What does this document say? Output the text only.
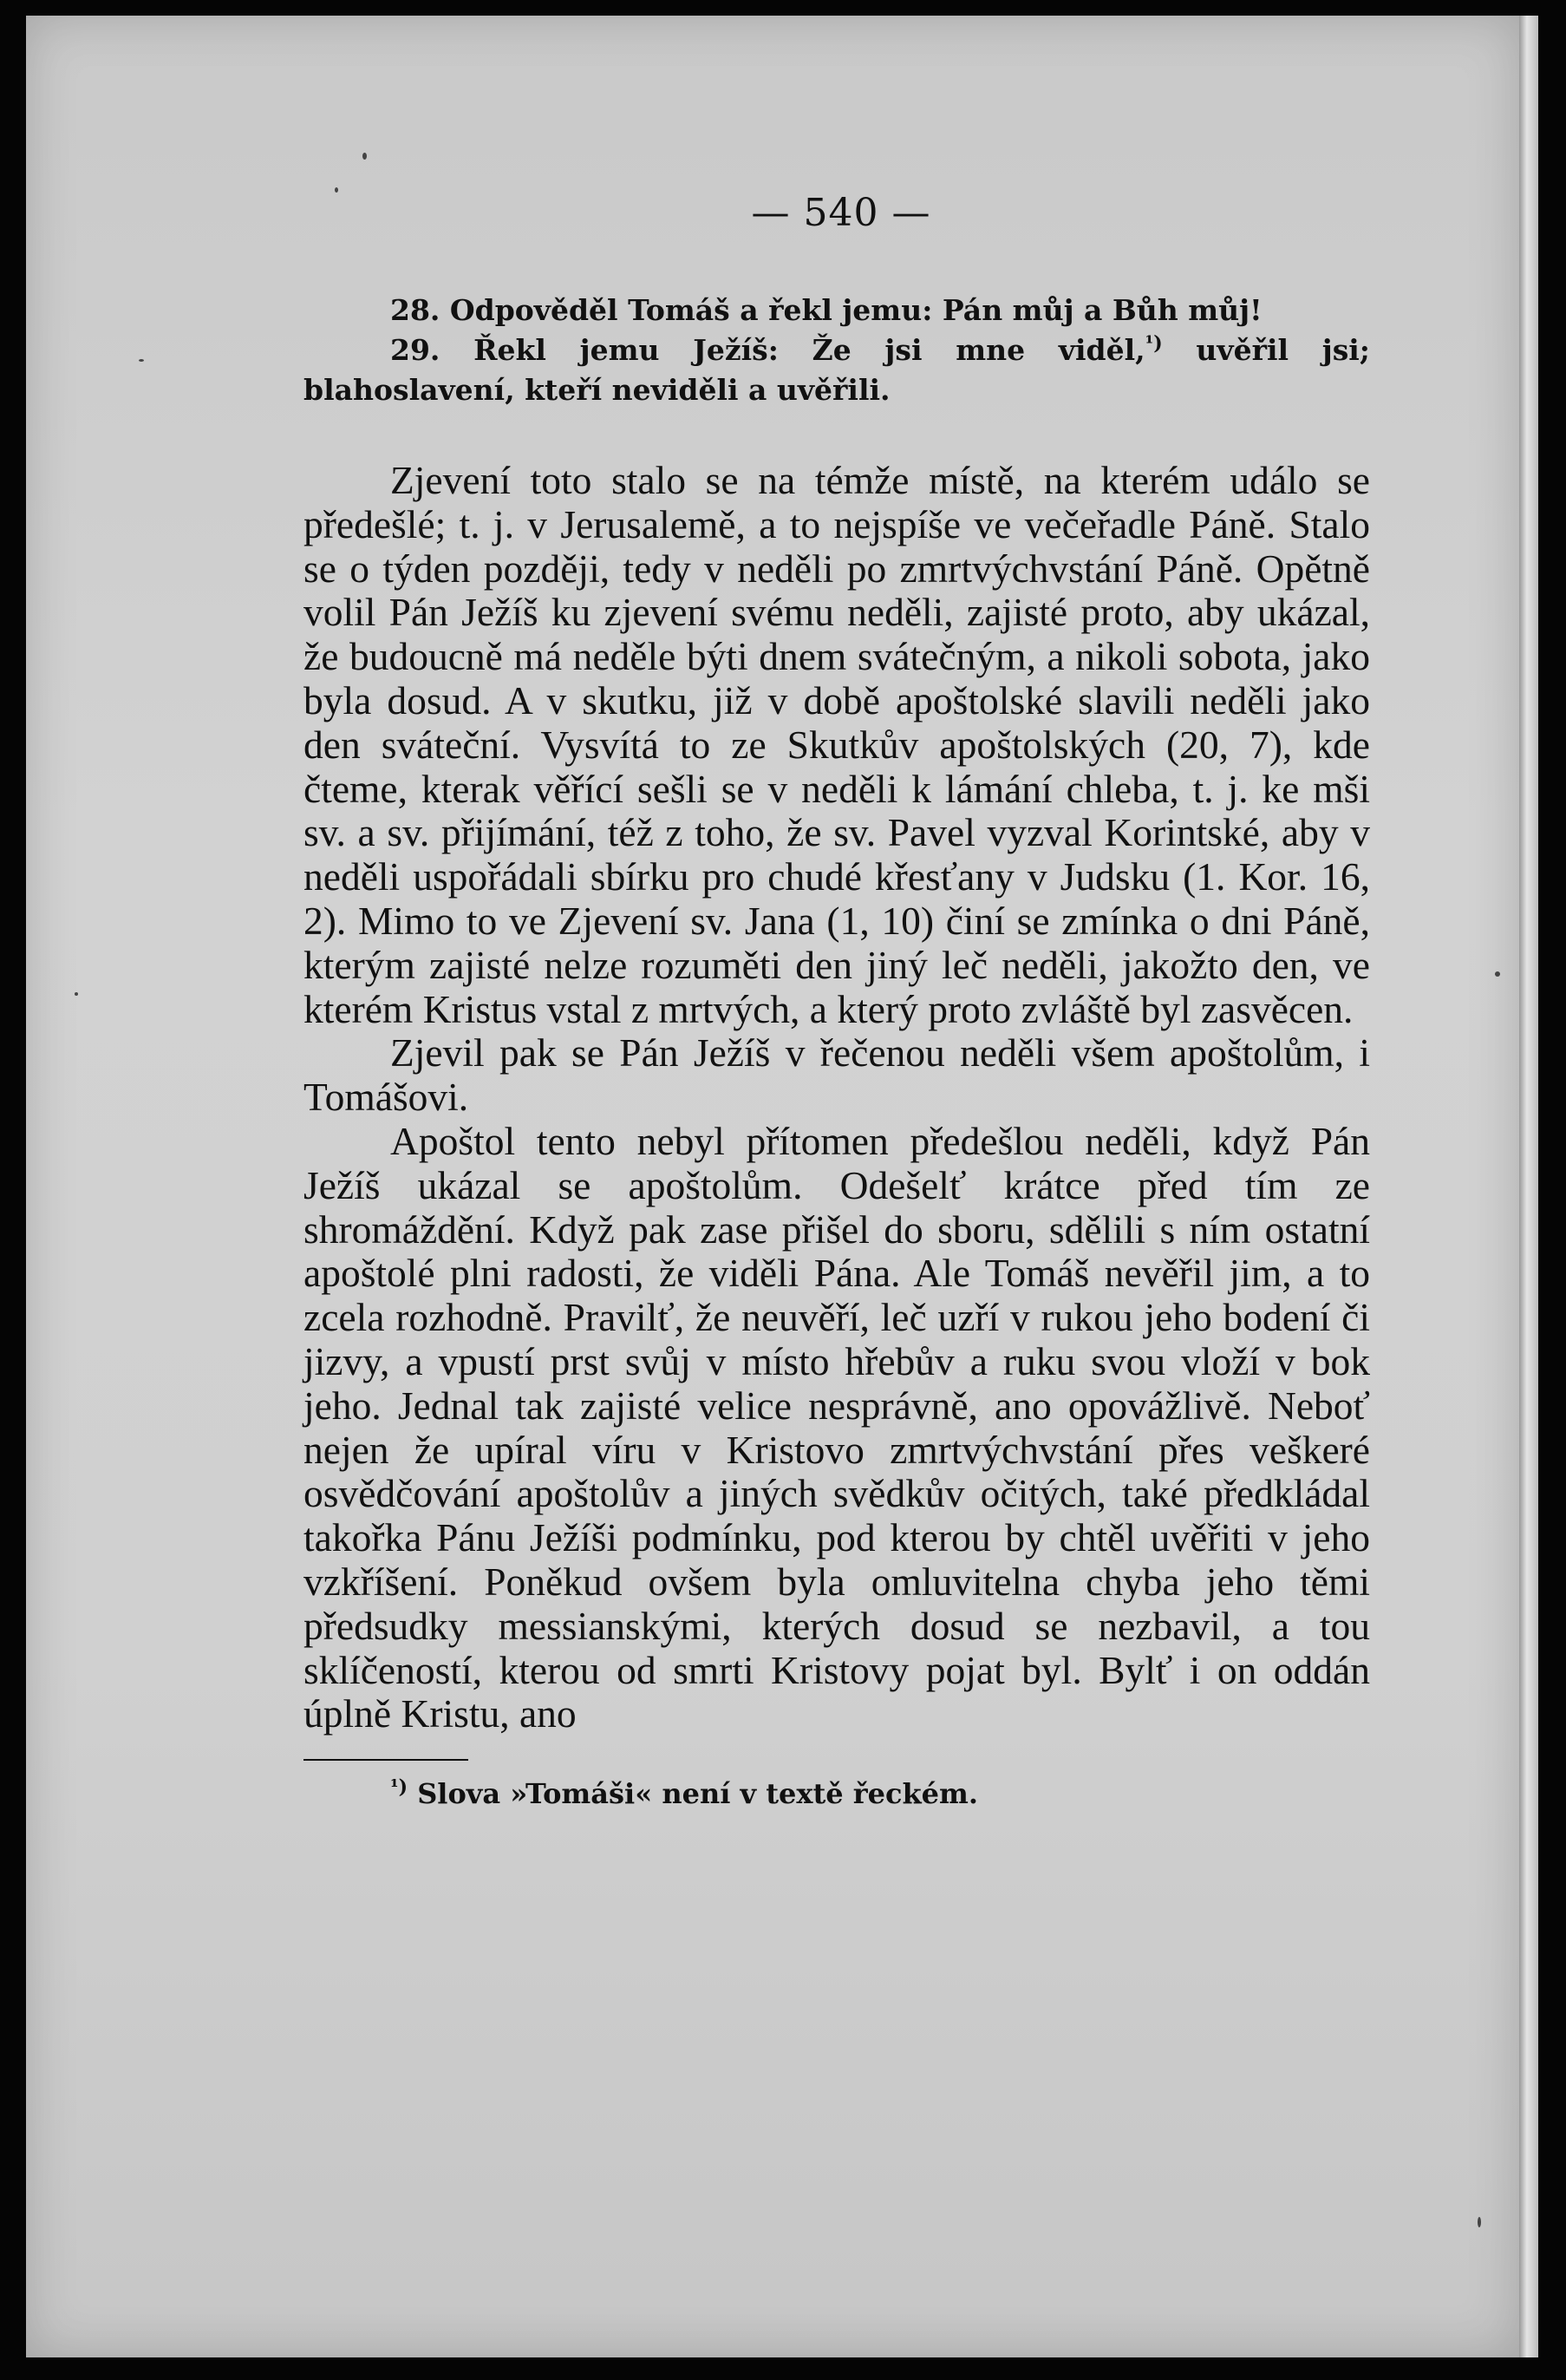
— 540 —

28. Odpověděl Tomáš a řekl jemu: Pán můj a Bůh můj!

29. Řekl jemu Ježíš: Že jsi mne viděl,$^{^1)}$ uvěřil jsi; blahoslavení, kteří neviděli a uvěřili.

Zjevení toto stalo se na témže místě, na kterém událo se předešlé; t. j. v Jerusalemě, a to nejspíše ve večeřadle Páně. Stalo se o týden později, tedy v neděli po zmrtvýchvstání Páně. Opětně volil Pán Ježíš ku zjevení svému neděli, zajisté proto, aby ukázal, že budoucně má neděle býti dnem svátečným, a nikoli sobota, jako byla dosud. A v skutku, již v době apoštolské slavili neděli jako den sváteční. Vysvítá to ze Skutkův apoštolských (20, 7), kde čteme, kterak věřící sešli se v neděli k lámání chleba, t. j. ke mši sv. a sv. přijímání, též z toho, že sv. Pavel vyzval Korintské, aby v neděli uspořádali sbírku pro chudé křesťany v Judsku (1. Kor. 16, 2). Mimo to ve Zjevení sv. Jana (1, 10) činí se zmínka o dni Páně, kterým zajisté nelze rozuměti den jiný leč neděli, jakožto den, ve kterém Kristus vstal z mrtvých, a který proto zvláště byl zasvěcen.

Zjevil pak se Pán Ježíš v řečenou neděli všem apoštolům, i Tomášovi.

Apoštol tento nebyl přítomen předešlou neděli, když Pán Ježíš ukázal se apoštolům. Odešelť krátce před tím ze shromáždění. Když pak zase přišel do sboru, sdělili s ním ostatní apoštolé plni radosti, že viděli Pána. Ale Tomáš nevěřil jim, a to zcela rozhodně. Pravilť, že neuvěří, leč uzří v rukou jeho bodení či jizvy, a vpustí prst svůj v místo hřebův a ruku svou vloží v bok jeho. Jednal tak zajisté velice nesprávně, ano opovážlivě. Neboť nejen že upíral víru v Kristovo zmrtvýchvstání přes veškeré osvědčování apoštolův a jiných svědkův očitých, také předkládal takořka Pánu Ježíši podmínku, pod kterou by chtěl uvěřiti v jeho vzkříšení. Poněkud ovšem byla omluvitelna chyba jeho těmi předsudky messianskými, kterých dosud se nezbavil, a tou sklíčeností, kterou od smrti Kristovy pojat byl. Bylť i on oddán úplně Kristu, ano

$^{^1)}$ Slova »Tomáši« není v textě řeckém.
